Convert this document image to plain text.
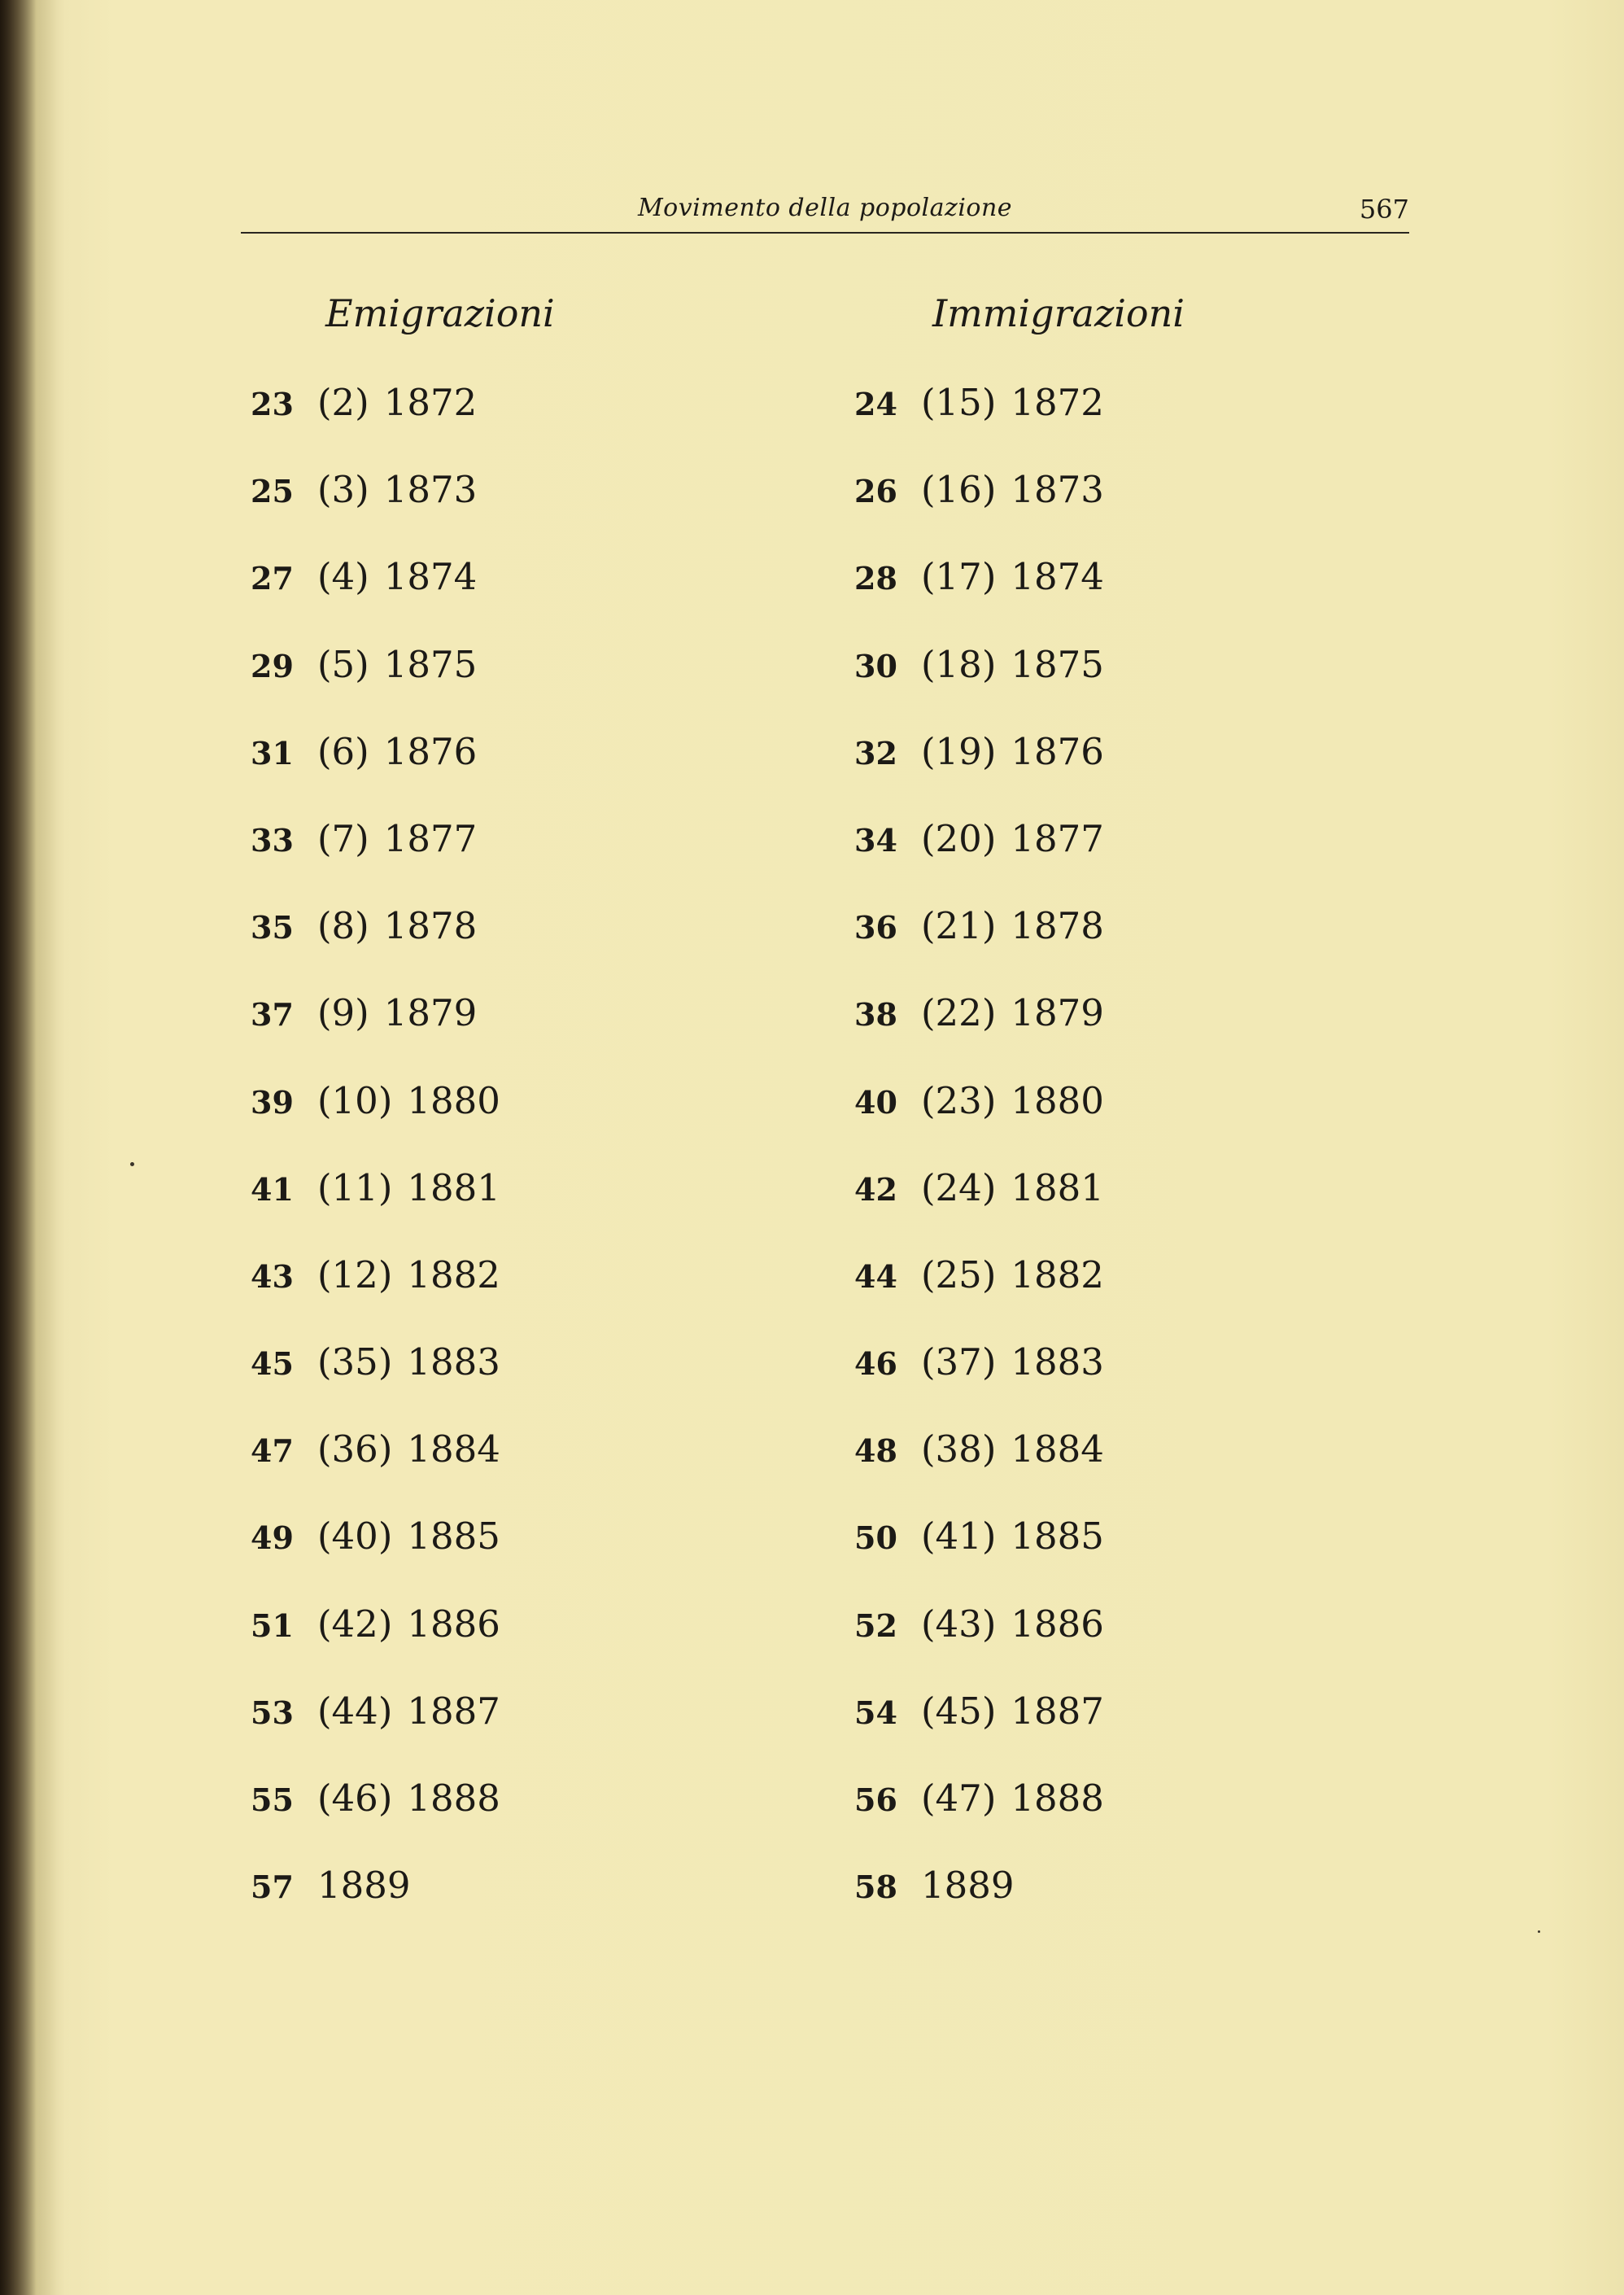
Movimento della popolazione	567
Emigrazioni
23 (2) 1872
25 (3) 1873
27 (4) 1874
29 (5) 1875
31 (6) 1876
33 (7) 1877
35 (8) 1878
37 (9) 1879
39 (10) 1880
41 (11) 1881
43 (12) 1882
45 (35) 1883
47 (36) 1884
49 (40) 1885
51 (42) 1886
53 (44) 1887
55 (46) 1888
57 1889
Immigrazioni
24 (15) 1872
26 (16) 1873
28 (17) 1874
30 (18) 1875
32 (19) 1876
34 (20) 1877
36 (21) 1878
38 (22) 1879
40 (23) 1880
42 (24) 1881
44 (25) 1882
46 (37) 1883
48 (38) 1884
50 (41) 1885
52 (43) 1886
54 (45) 1887
56 (47) 1888
58 1889
